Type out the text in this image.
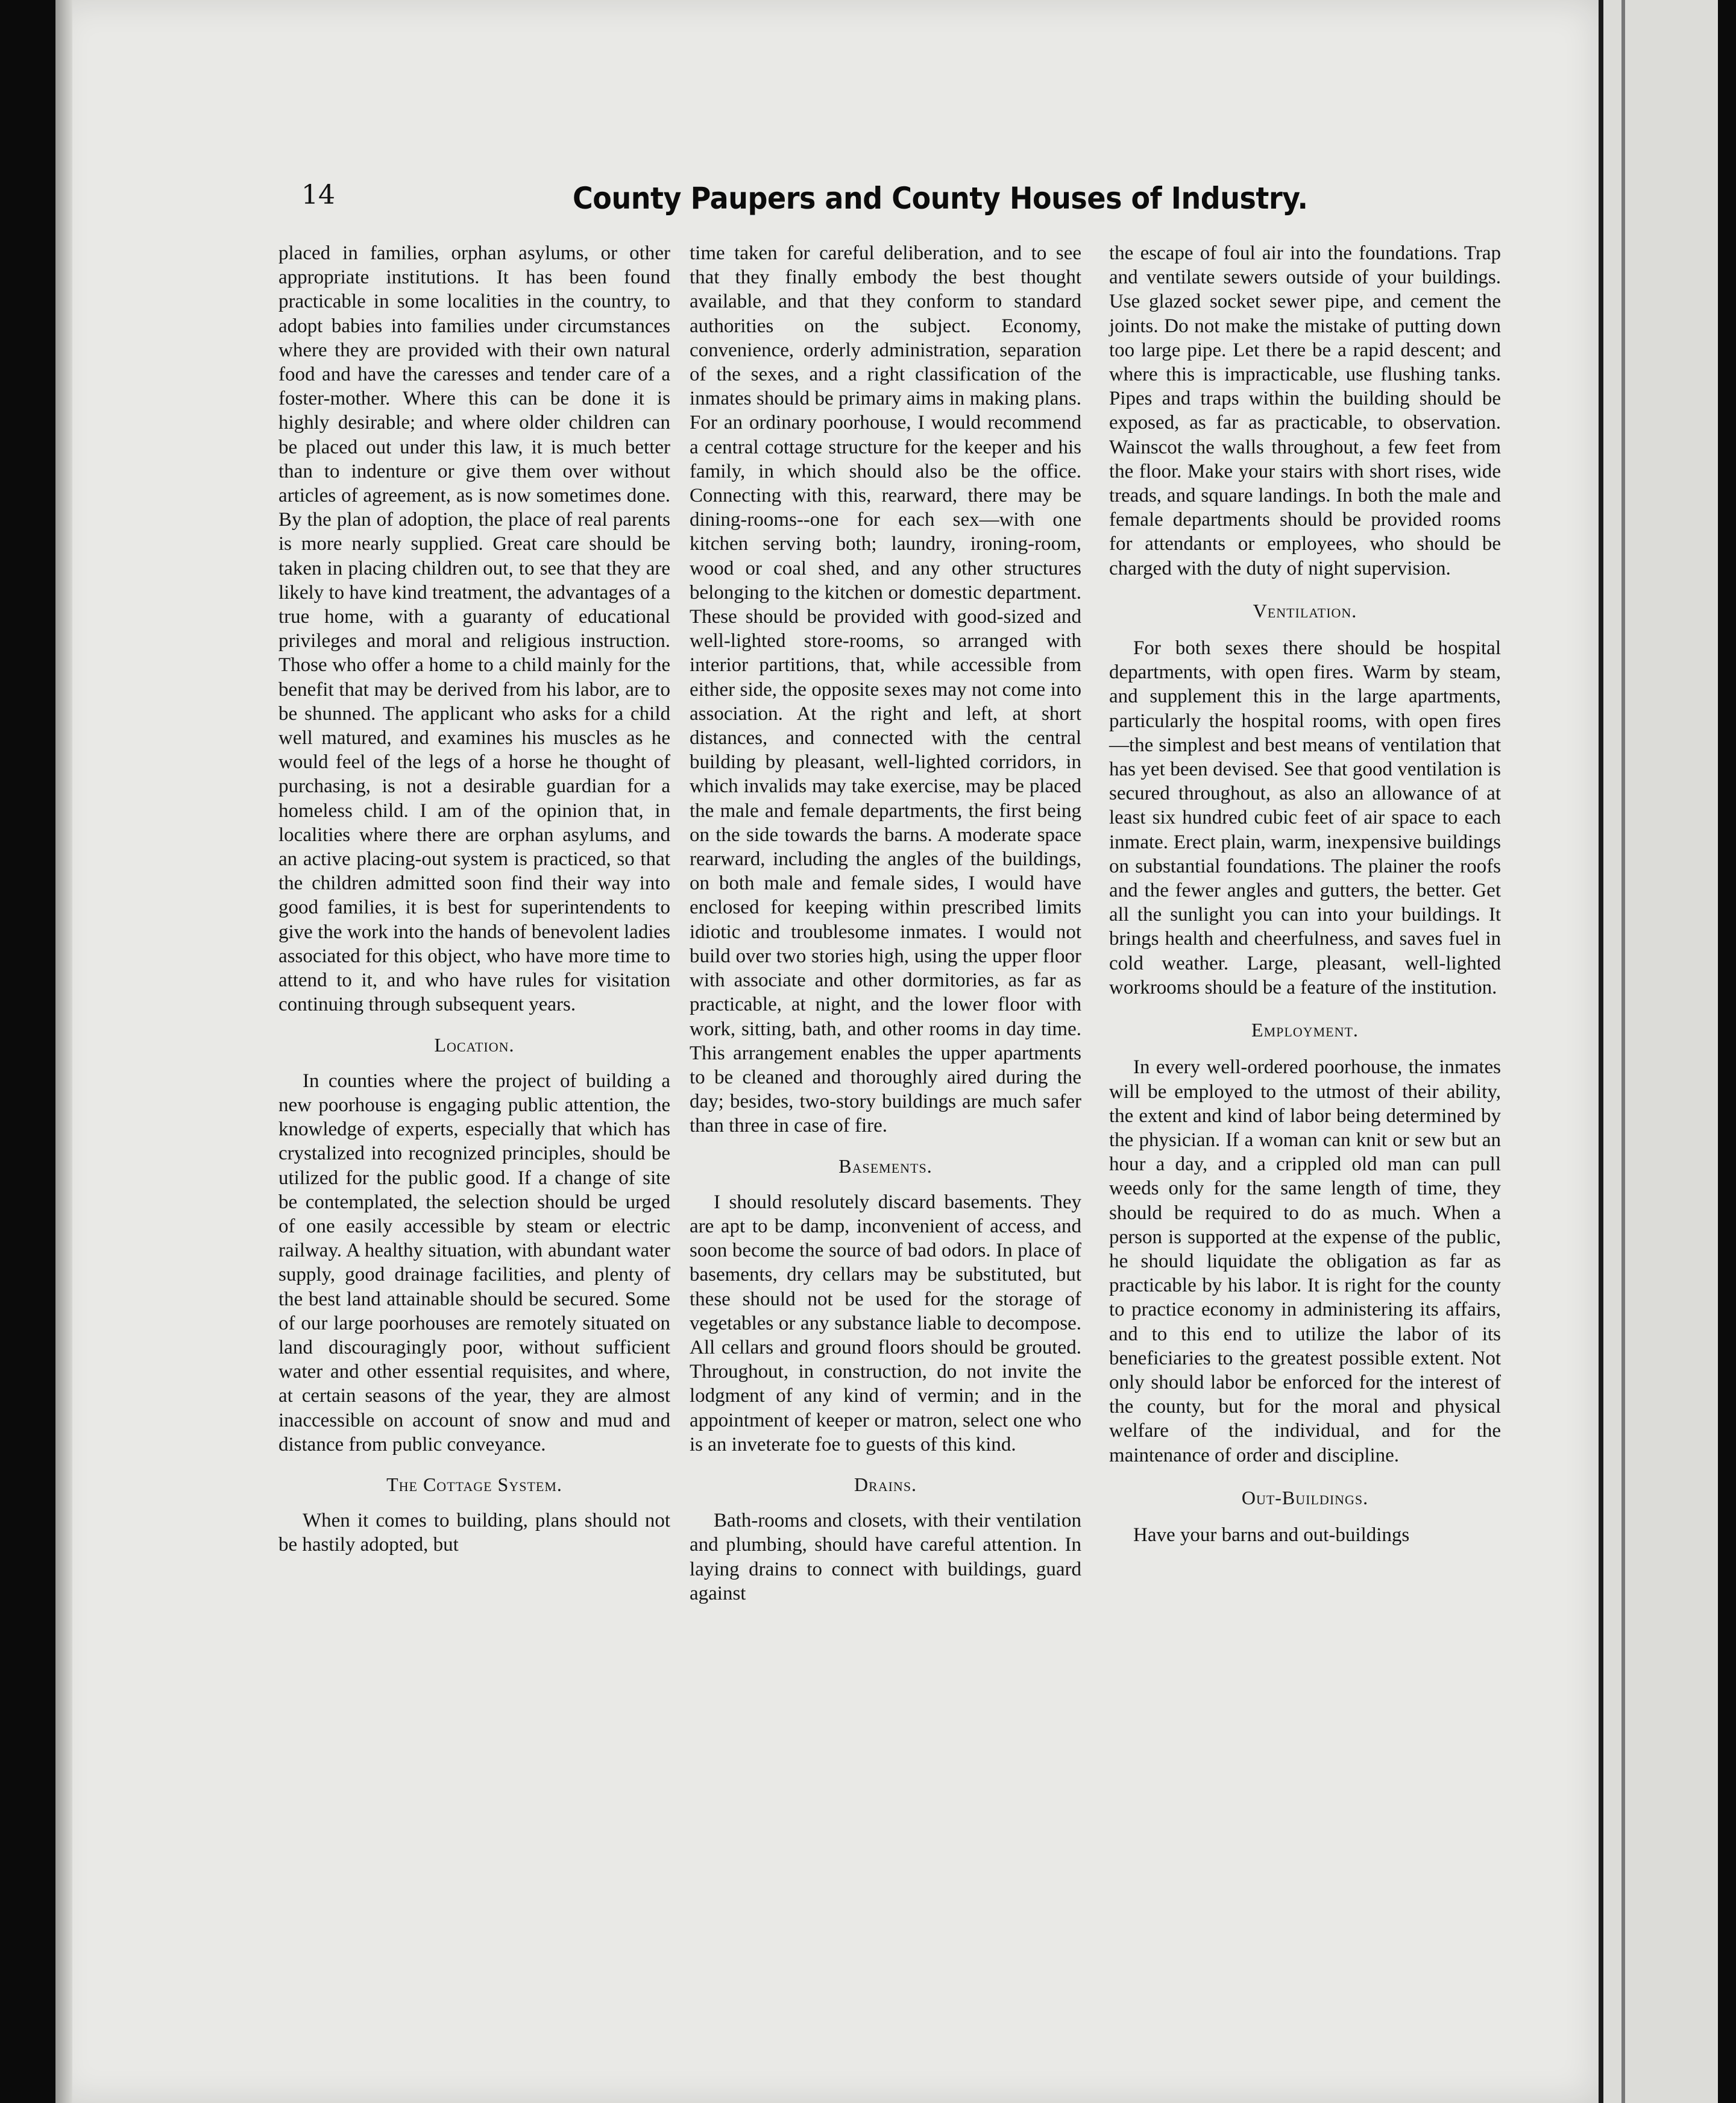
14	County Paupers and County Houses of Industry.

placed in families, orphan asylums, or other appropriate institutions. It has been found practicable in some localities in the country, to adopt babies into families under circumstances where they are provided with their own natural food and have the caresses and tender care of a foster-mother. Where this can be done it is highly desirable; and where older children can be placed out under this law, it is much better than to indenture or give them over without articles of agreement, as is now sometimes done. By the plan of adoption, the place of real parents is more nearly supplied. Great care should be taken in placing children out, to see that they are likely to have kind treatment, the advantages of a true home, with a guaranty of educational privileges and moral and religious instruction. Those who offer a home to a child mainly for the benefit that may be derived from his labor, are to be shunned. The applicant who asks for a child well matured, and examines his muscles as he would feel of the legs of a horse he thought of purchasing, is not a desirable guardian for a homeless child. I am of the opinion that, in localities where there are orphan asylums, and an active placing-out system is practiced, so that the children admitted soon find their way into good families, it is best for superintendents to give the work into the hands of benevolent ladies associated for this object, who have more time to attend to it, and who have rules for visitation continuing through subsequent years.

Location.

In counties where the project of building a new poorhouse is engaging public attention, the knowledge of experts, especially that which has crystalized into recognized principles, should be utilized for the public good. If a change of site be contemplated, the selection should be urged of one easily accessible by steam or electric railway. A healthy situation, with abundant water supply, good drainage facilities, and plenty of the best land attainable should be secured. Some of our large poorhouses are remotely situated on land discouragingly poor, without sufficient water and other essential requisites, and where, at certain seasons of the year, they are almost inaccessible on account of snow and mud and distance from public conveyance.

The Cottage System.

When it comes to building, plans should not be hastily adopted, but

time taken for careful deliberation, and to see that they finally embody the best thought available, and that they conform to standard authorities on the subject. Economy, convenience, orderly administration, separation of the sexes, and a right classification of the inmates should be primary aims in making plans. For an ordinary poorhouse, I would recommend a central cottage structure for the keeper and his family, in which should also be the office. Connecting with this, rearward, there may be dining-rooms--one for each sex—with one kitchen serving both; laundry, ironing-room, wood or coal shed, and any other structures belonging to the kitchen or domestic department. These should be provided with good-sized and well-lighted store-rooms, so arranged with interior partitions, that, while accessible from either side, the opposite sexes may not come into association. At the right and left, at short distances, and connected with the central building by pleasant, well-lighted corridors, in which invalids may take exercise, may be placed the male and female departments, the first being on the side towards the barns. A moderate space rearward, including the angles of the buildings, on both male and female sides, I would have enclosed for keeping within prescribed limits idiotic and troublesome inmates. I would not build over two stories high, using the upper floor with associate and other dormitories, as far as practicable, at night, and the lower floor with work, sitting, bath, and other rooms in day time. This arrangement enables the upper apartments to be cleaned and thoroughly aired during the day; besides, two-story buildings are much safer than three in case of fire.

Basements.

I should resolutely discard basements. They are apt to be damp, inconvenient of access, and soon become the source of bad odors. In place of basements, dry cellars may be substituted, but these should not be used for the storage of vegetables or any substance liable to decompose. All cellars and ground floors should be grouted. Throughout, in construction, do not invite the lodgment of any kind of vermin; and in the appointment of keeper or matron, select one who is an inveterate foe to guests of this kind.

Drains.

Bath-rooms and closets, with their ventilation and plumbing, should have careful attention. In laying drains to connect with buildings, guard against

the escape of foul air into the foundations. Trap and ventilate sewers outside of your buildings. Use glazed socket sewer pipe, and cement the joints. Do not make the mistake of putting down too large pipe. Let there be a rapid descent; and where this is impracticable, use flushing tanks. Pipes and traps within the building should be exposed, as far as practicable, to observation. Wainscot the walls throughout, a few feet from the floor. Make your stairs with short rises, wide treads, and square landings. In both the male and female departments should be provided rooms for attendants or employees, who should be charged with the duty of night supervision.

Ventilation.

For both sexes there should be hospital departments, with open fires. Warm by steam, and supplement this in the large apartments, particularly the hospital rooms, with open fires—the simplest and best means of ventilation that has yet been devised. See that good ventilation is secured throughout, as also an allowance of at least six hundred cubic feet of air space to each inmate. Erect plain, warm, inexpensive buildings on substantial foundations. The plainer the roofs and the fewer angles and gutters, the better. Get all the sunlight you can into your buildings. It brings health and cheerfulness, and saves fuel in cold weather. Large, pleasant, well-lighted workrooms should be a feature of the institution.

Employment.

In every well-ordered poorhouse, the inmates will be employed to the utmost of their ability, the extent and kind of labor being determined by the physician. If a woman can knit or sew but an hour a day, and a crippled old man can pull weeds only for the same length of time, they should be required to do as much. When a person is supported at the expense of the public, he should liquidate the obligation as far as practicable by his labor. It is right for the county to practice economy in administering its affairs, and to this end to utilize the labor of its beneficiaries to the greatest possible extent. Not only should labor be enforced for the interest of the county, but for the moral and physical welfare of the individual, and for the maintenance of order and discipline.

Out-Buildings.

Have your barns and out-buildings
